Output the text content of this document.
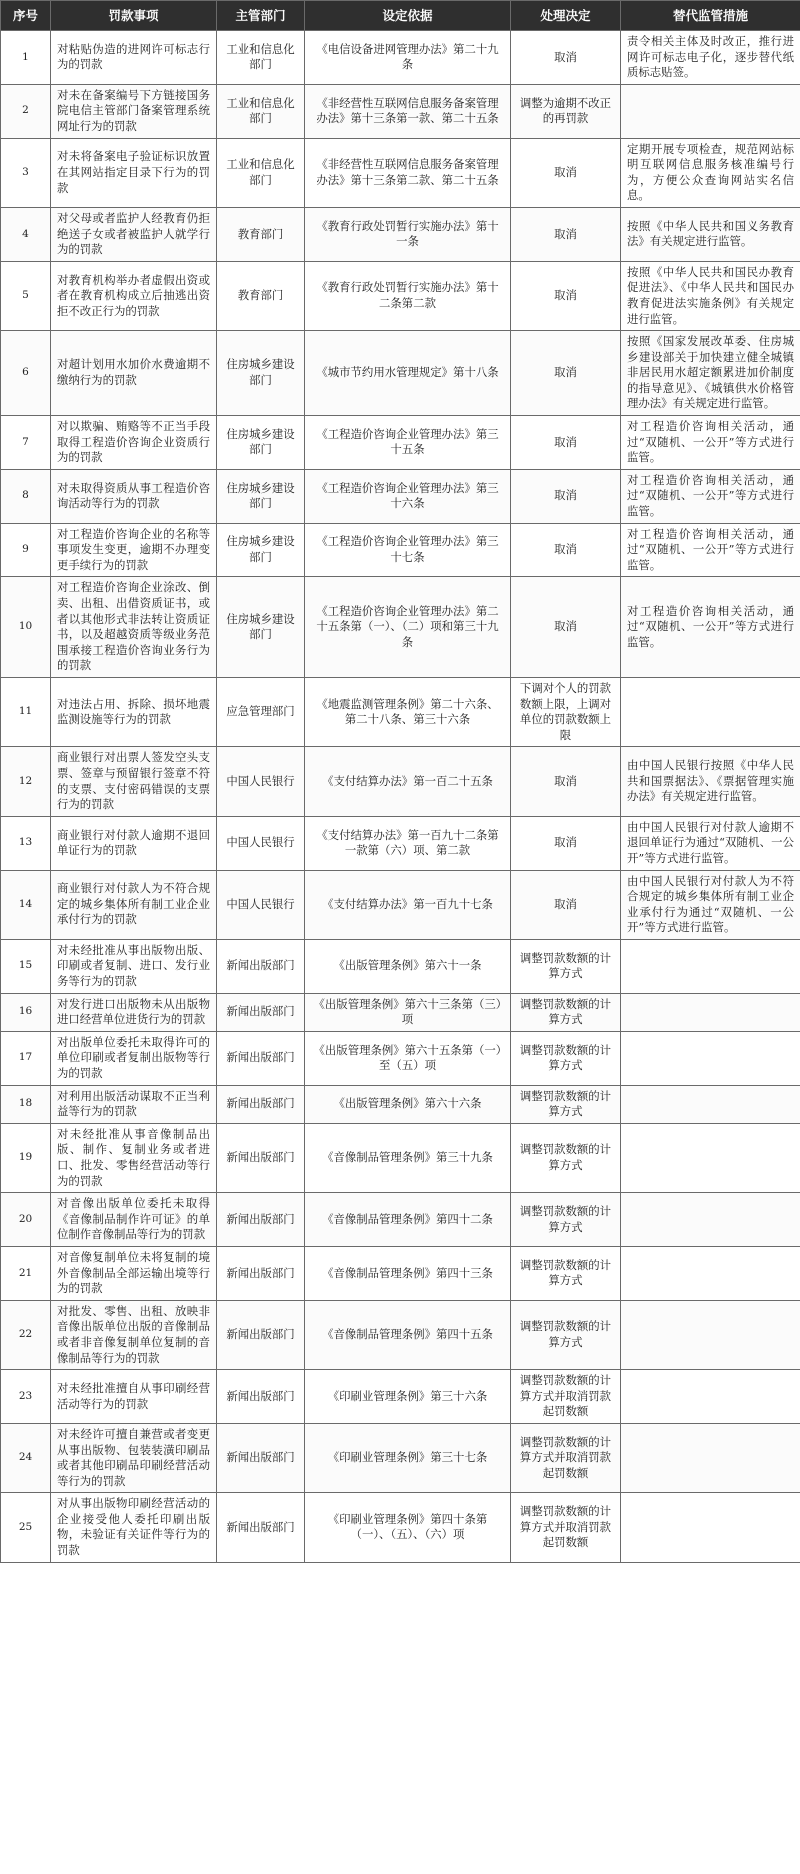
序号	罚款事项	主管部门	设定依据	处理决定	替代监管措施
1	对粘贴伪造的进网许可标志行为的罚款	工业和信息化部门	《电信设备进网管理办法》第二十九条	取消	责令相关主体及时改正，推行进网许可标志电子化，逐步替代纸质标志贴签。
2	对未在备案编号下方链接国务院电信主管部门备案管理系统网址行为的罚款	工业和信息化部门	《非经营性互联网信息服务备案管理办法》第十三条第一款、第二十五条	调整为逾期不改正的再罚款	
3	对未将备案电子验证标识放置在其网站指定目录下行为的罚款	工业和信息化部门	《非经营性互联网信息服务备案管理办法》第十三条第二款、第二十五条	取消	定期开展专项检查，规范网站标明互联网信息服务核准编号行为，方便公众查询网站实名信息。
4	对父母或者监护人经教育仍拒绝送子女或者被监护人就学行为的罚款	教育部门	《教育行政处罚暂行实施办法》第十一条	取消	按照《中华人民共和国义务教育法》有关规定进行监管。
5	对教育机构举办者虚假出资或者在教育机构成立后抽逃出资拒不改正行为的罚款	教育部门	《教育行政处罚暂行实施办法》第十二条第二款	取消	按照《中华人民共和国民办教育促进法》、《中华人民共和国民办教育促进法实施条例》有关规定进行监管。
6	对超计划用水加价水费逾期不缴纳行为的罚款	住房城乡建设部门	《城市节约用水管理规定》第十八条	取消	按照《国家发展改革委、住房城乡建设部关于加快建立健全城镇非居民用水超定额累进加价制度的指导意见》、《城镇供水价格管理办法》有关规定进行监管。
7	对以欺骗、贿赂等不正当手段取得工程造价咨询企业资质行为的罚款	住房城乡建设部门	《工程造价咨询企业管理办法》第三十五条	取消	对工程造价咨询相关活动，通过“双随机、一公开”等方式进行监管。
8	对未取得资质从事工程造价咨询活动等行为的罚款	住房城乡建设部门	《工程造价咨询企业管理办法》第三十六条	取消	对工程造价咨询相关活动，通过“双随机、一公开”等方式进行监管。
9	对工程造价咨询企业的名称等事项发生变更，逾期不办理变更手续行为的罚款	住房城乡建设部门	《工程造价咨询企业管理办法》第三十七条	取消	对工程造价咨询相关活动，通过“双随机、一公开”等方式进行监管。
10	对工程造价咨询企业涂改、倒卖、出租、出借资质证书，或者以其他形式非法转让资质证书，以及超越资质等级业务范围承接工程造价咨询业务行为的罚款	住房城乡建设部门	《工程造价咨询企业管理办法》第二十五条第（一）、（二）项和第三十九条	取消	对工程造价咨询相关活动，通过“双随机、一公开”等方式进行监管。
11	对违法占用、拆除、损坏地震监测设施等行为的罚款	应急管理部门	《地震监测管理条例》第二十六条、第二十八条、第三十六条	下调对个人的罚款数额上限，上调对单位的罚款数额上限	
12	商业银行对出票人签发空头支票、签章与预留银行签章不符的支票、支付密码错误的支票行为的罚款	中国人民银行	《支付结算办法》第一百二十五条	取消	由中国人民银行按照《中华人民共和国票据法》、《票据管理实施办法》有关规定进行监管。
13	商业银行对付款人逾期不退回单证行为的罚款	中国人民银行	《支付结算办法》第一百九十二条第一款第（六）项、第二款	取消	由中国人民银行对付款人逾期不退回单证行为通过“双随机、一公开”等方式进行监管。
14	商业银行对付款人为不符合规定的城乡集体所有制工业企业承付行为的罚款	中国人民银行	《支付结算办法》第一百九十七条	取消	由中国人民银行对付款人为不符合规定的城乡集体所有制工业企业承付行为通过“双随机、一公开”等方式进行监管。
15	对未经批准从事出版物出版、印刷或者复制、进口、发行业务等行为的罚款	新闻出版部门	《出版管理条例》第六十一条	调整罚款数额的计算方式	
16	对发行进口出版物未从出版物进口经营单位进货行为的罚款	新闻出版部门	《出版管理条例》第六十三条第（三）项	调整罚款数额的计算方式	
17	对出版单位委托未取得许可的单位印刷或者复制出版物等行为的罚款	新闻出版部门	《出版管理条例》第六十五条第（一）至（五）项	调整罚款数额的计算方式	
18	对利用出版活动谋取不正当利益等行为的罚款	新闻出版部门	《出版管理条例》第六十六条	调整罚款数额的计算方式	
19	对未经批准从事音像制品出版、制作、复制业务或者进口、批发、零售经营活动等行为的罚款	新闻出版部门	《音像制品管理条例》第三十九条	调整罚款数额的计算方式	
20	对音像出版单位委托未取得《音像制品制作许可证》的单位制作音像制品等行为的罚款	新闻出版部门	《音像制品管理条例》第四十二条	调整罚款数额的计算方式	
21	对音像复制单位未将复制的境外音像制品全部运输出境等行为的罚款	新闻出版部门	《音像制品管理条例》第四十三条	调整罚款数额的计算方式	
22	对批发、零售、出租、放映非音像出版单位出版的音像制品或者非音像复制单位复制的音像制品等行为的罚款	新闻出版部门	《音像制品管理条例》第四十五条	调整罚款数额的计算方式	
23	对未经批准擅自从事印刷经营活动等行为的罚款	新闻出版部门	《印刷业管理条例》第三十六条	调整罚款数额的计算方式并取消罚款起罚数额	
24	对未经许可擅自兼营或者变更从事出版物、包装装潢印刷品或者其他印刷品印刷经营活动等行为的罚款	新闻出版部门	《印刷业管理条例》第三十七条	调整罚款数额的计算方式并取消罚款起罚数额	
25	对从事出版物印刷经营活动的企业接受他人委托印刷出版物，未验证有关证件等行为的罚款	新闻出版部门	《印刷业管理条例》第四十条第（一）、（五）、（六）项	调整罚款数额的计算方式并取消罚款起罚数额	
